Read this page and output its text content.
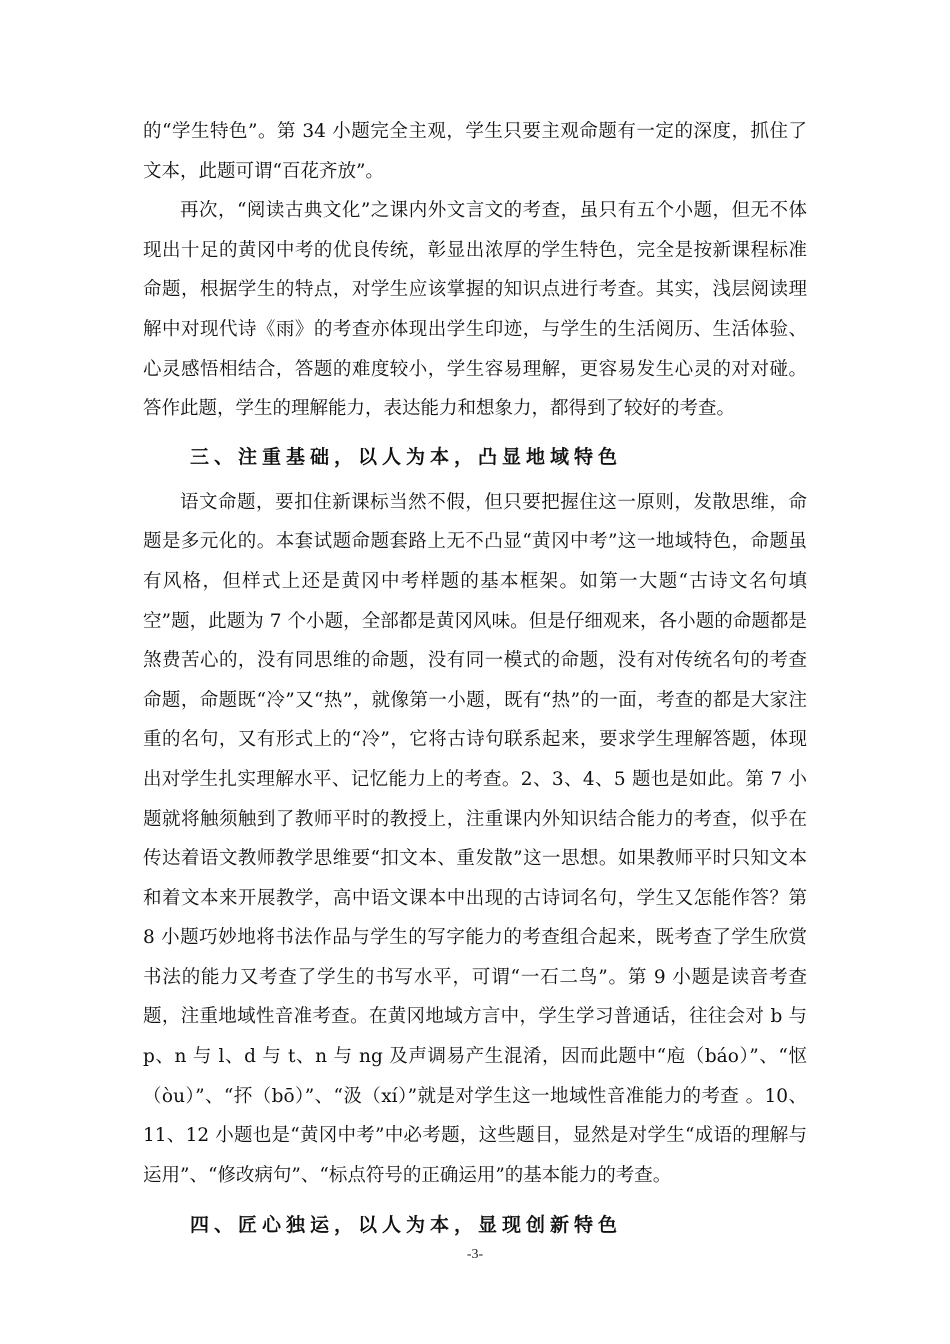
的“学生特色”。第 34 小题完全主观，学生只要主观命题有一定的深度，抓住了文本，此题可谓“百花齐放”。

再次，“阅读古典文化”之课内外文言文的考查，虽只有五个小题，但无不体现出十足的黄冈中考的优良传统，彰显出浓厚的学生特色，完全是按新课程标准命题，根据学生的特点，对学生应该掌握的知识点进行考查。其实，浅层阅读理解中对现代诗《雨》的考查亦体现出学生印迹，与学生的生活阅历、生活体验、心灵感悟相结合，答题的难度较小，学生容易理解，更容易发生心灵的对对碰。答作此题，学生的理解能力，表达能力和想象力，都得到了较好的考查。

三、注重基础，以人为本，凸显地域特色

语文命题，要扣住新课标当然不假，但只要把握住这一原则，发散思维，命题是多元化的。本套试题命题套路上无不凸显“黄冈中考”这一地域特色，命题虽有风格，但样式上还是黄冈中考样题的基本框架。如第一大题“古诗文名句填空”题，此题为 7 个小题，全部都是黄冈风味。但是仔细观来，各小题的命题都是煞费苦心的，没有同思维的命题，没有同一模式的命题，没有对传统名句的考查命题，命题既“冷”又“热”，就像第一小题，既有“热”的一面，考查的都是大家注重的名句，又有形式上的“冷”，它将古诗句联系起来，要求学生理解答题，体现出对学生扎实理解水平、记忆能力上的考查。2、3、4、5 题也是如此。第 7 小题就将触须触到了教师平时的教授上，注重课内外知识结合能力的考查，似乎在传达着语文教师教学思维要“扣文本、重发散”这一思想。如果教师平时只知文本和着文本来开展教学，高中语文课本中出现的古诗词名句，学生又怎能作答？第 8 小题巧妙地将书法作品与学生的写字能力的考查组合起来，既考查了学生欣赏书法的能力又考查了学生的书写水平，可谓“一石二鸟”。第 9 小题是读音考查题，注重地域性音准考查。在黄冈地域方言中，学生学习普通话，往往会对 b 与 p、n 与 l、d 与 t、n 与 ng 及声调易产生混淆，因而此题中“庖（báo）”、“怄（òu）”、“抔（bō）”、“汲（xí）”就是对学生这一地域性音准能力的考查 。10、11、12 小题也是“黄冈中考”中必考题，这些题目，显然是对学生“成语的理解与运用”、“修改病句”、“标点符号的正确运用”的基本能力的考查。

四、匠心独运，以人为本，显现创新特色
-3-
